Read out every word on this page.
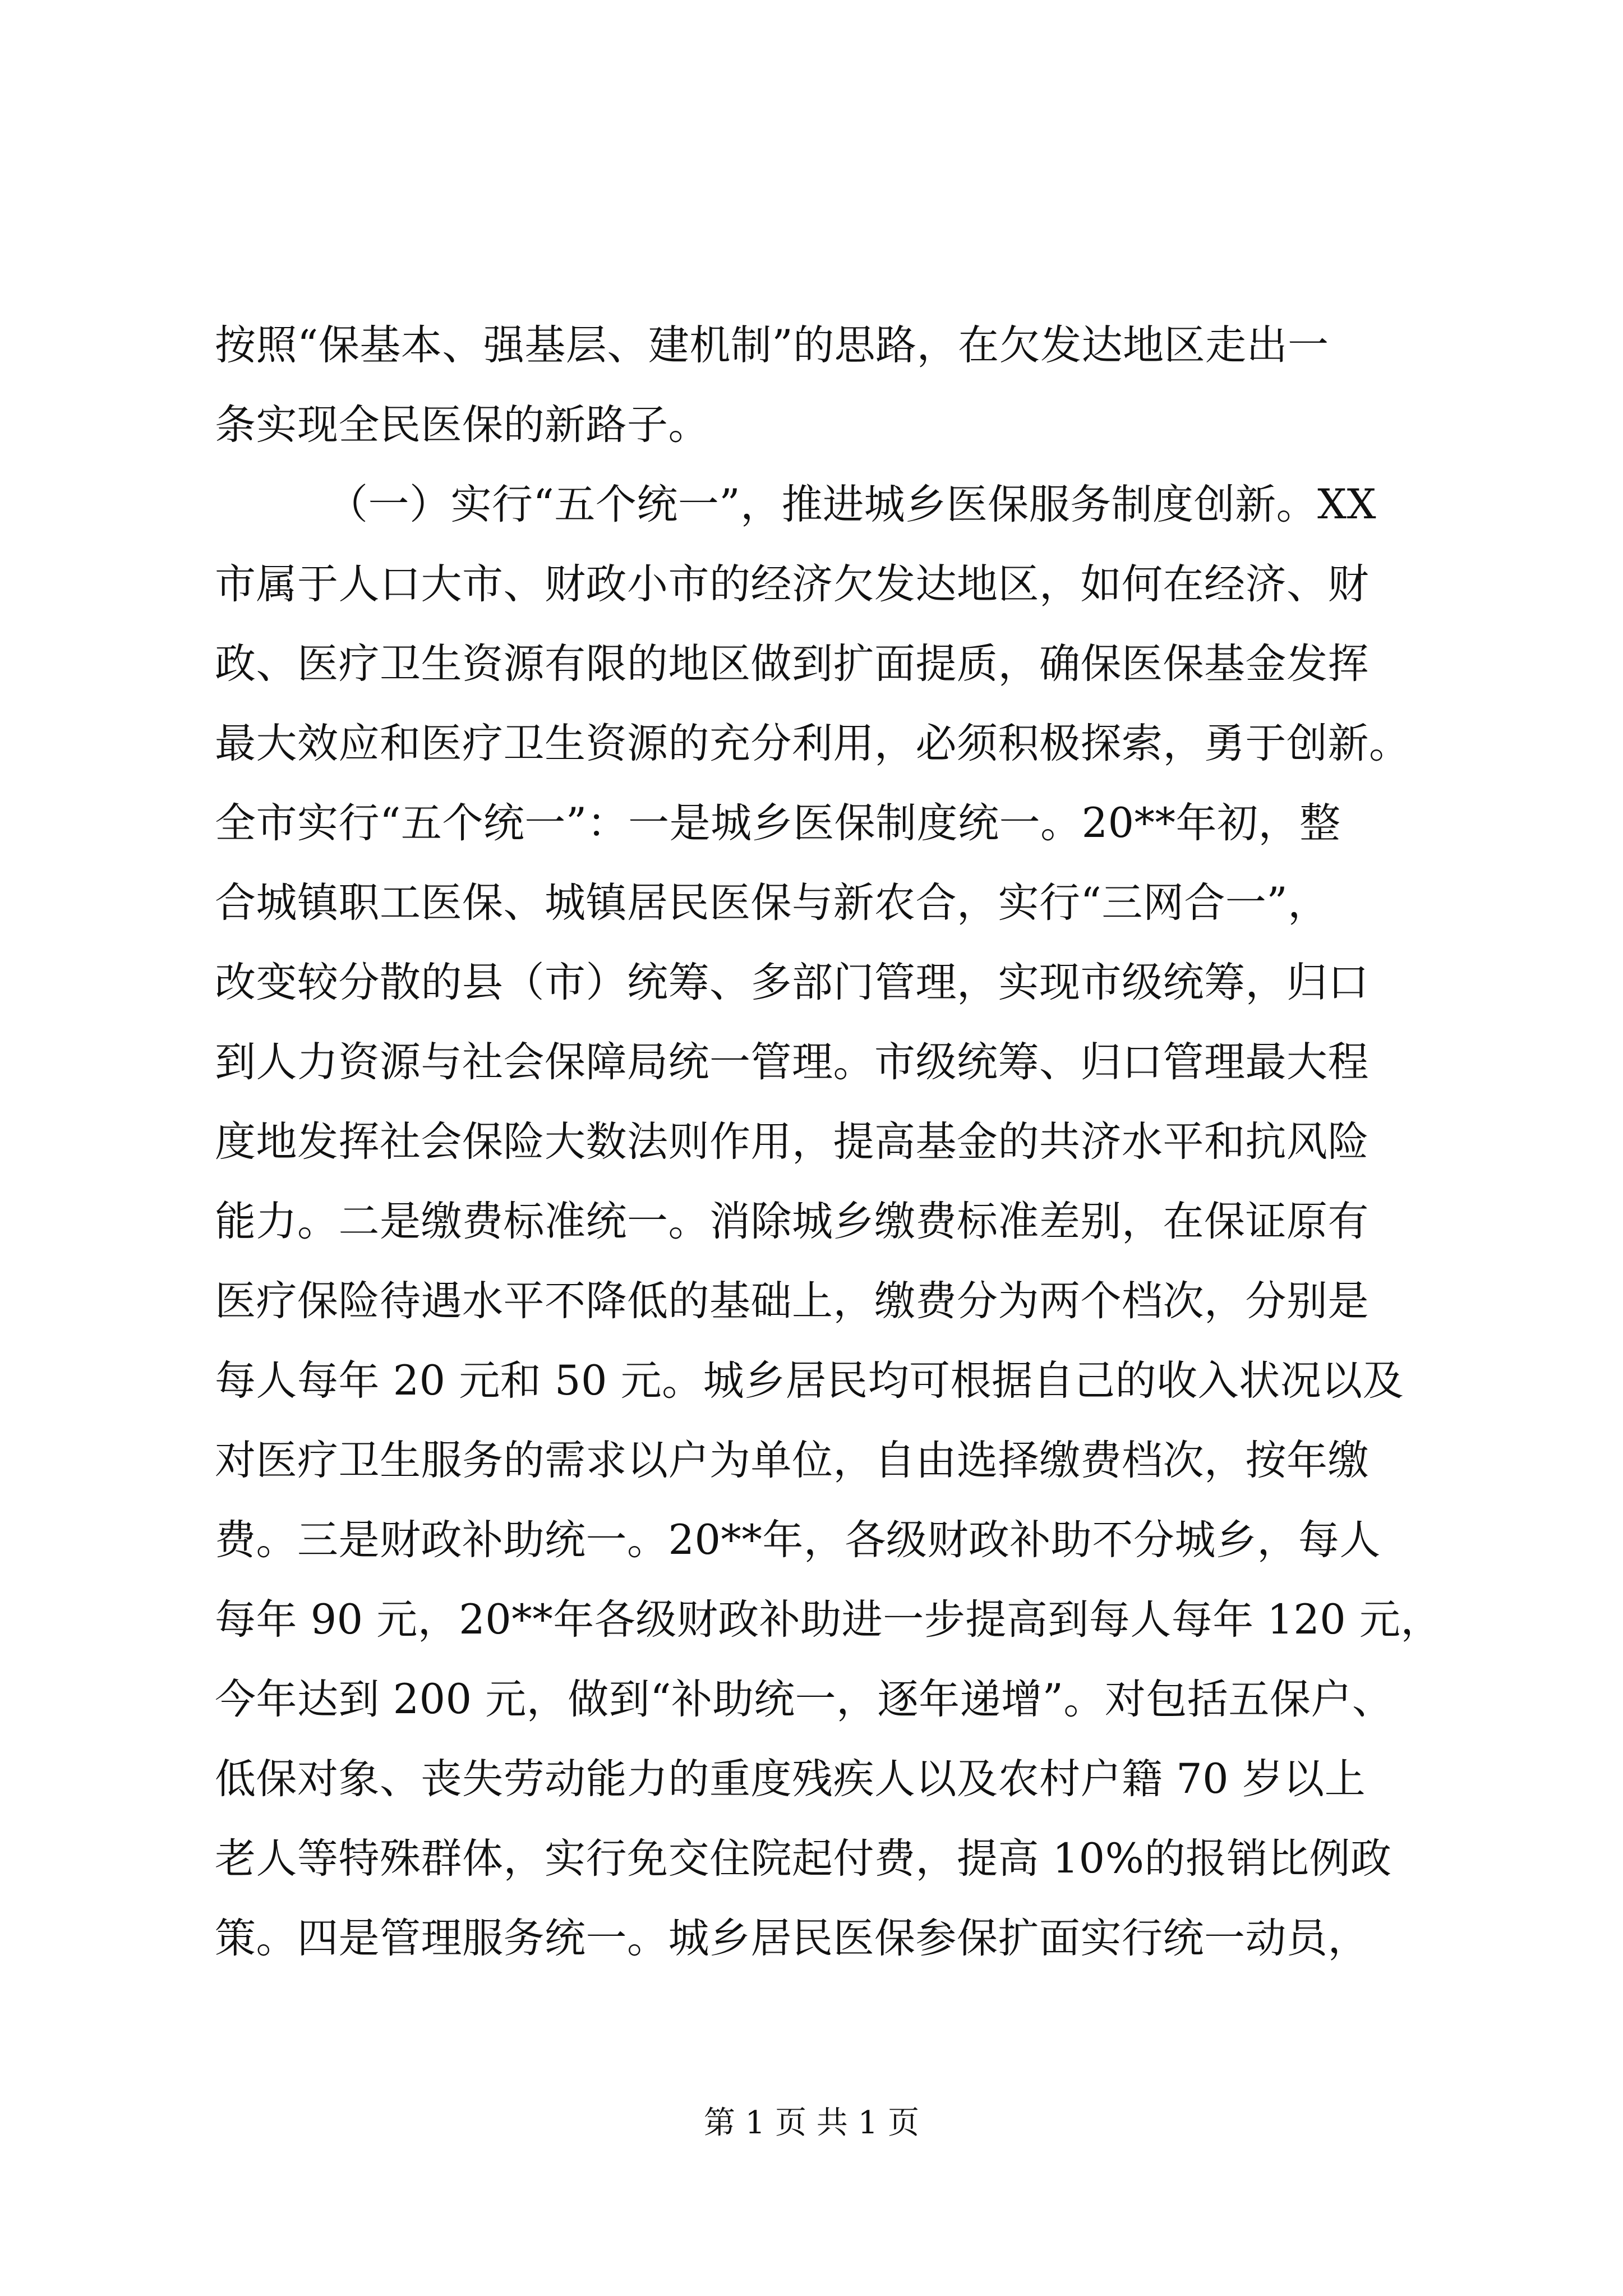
按照“保基本、强基层、建机制”的思路，在欠发达地区走出一
条实现全民医保的新路子。
（一）实行“五个统一”，推进城乡医保服务制度创新。XX
市属于人口大市、财政小市的经济欠发达地区，如何在经济、财
政、医疗卫生资源有限的地区做到扩面提质，确保医保基金发挥
最大效应和医疗卫生资源的充分利用，必须积极探索，勇于创新。
全市实行“五个统一”：一是城乡医保制度统一。20**年初，整
合城镇职工医保、城镇居民医保与新农合，实行“三网合一”，
改变较分散的县（市）统筹、多部门管理，实现市级统筹，归口
到人力资源与社会保障局统一管理。市级统筹、归口管理最大程
度地发挥社会保险大数法则作用，提高基金的共济水平和抗风险
能力。二是缴费标准统一。消除城乡缴费标准差别，在保证原有
医疗保险待遇水平不降低的基础上，缴费分为两个档次，分别是
每人每年 20 元和 50 元。城乡居民均可根据自己的收入状况以及
对医疗卫生服务的需求以户为单位，自由选择缴费档次，按年缴
费。三是财政补助统一。20**年，各级财政补助不分城乡，每人
每年 90 元，20**年各级财政补助进一步提高到每人每年 120 元，
今年达到 200 元，做到“补助统一，逐年递增”。对包括五保户、
低保对象、丧失劳动能力的重度残疾人以及农村户籍 70 岁以上
老人等特殊群体，实行免交住院起付费，提高 10%的报销比例政
策。四是管理服务统一。城乡居民医保参保扩面实行统一动员，
第 1 页 共 1 页
